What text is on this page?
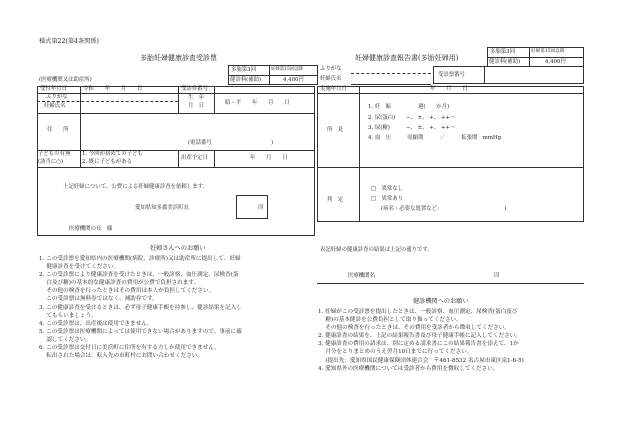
様式第22(第4条関係)
多胎妊婦健康診査受診票	妊婦健康診査報告書(多胎妊婦用)
多胎第3回	妊婦第15回以降
健診料(補助)	4,400円
多胎第3回	妊婦第15回以降
健診料(補助)	4,400円
(医療機関又は助産所)
ふりがな
妊婦氏名
受診票番号
受付年月日	令和　　年　　月　　日	受診券番号
ふりがな
妊婦氏名
生　年
月　日	昭・平　　年　　月　　日
住　　所
(電話番号　　　　　　　　　　　)
子どもの有無
(該当に○)
1. 今回が初めての子ども
2. 既に子どもがある
出産予定日	年　　月　　日
上記妊婦について、公費による妊婦健康診査を依頼します。
愛知県知多郡美浜町長	印
医療機関の長　様
実施年月日	年　　月　　日
所　見
1. 妊　娠　　　　　週(　　か月)
2. 尿(蛋白)　　−、 ±、 +、 ++〜
3. 尿(糖)　　　−、 ±、 +、 ++〜
4. 血　圧　　　収縮期　　　／　　　拡張期　mmHg
判　定
□　異常なし
□　異常あり
(病名・必要な処置など：　　　　　　　　　　　　)
表記妊婦の健康診査の結果は上記の通りです。
医療機関名	印
妊婦さんへのお願い
1. この受診票を愛知県内の医療機関(病院、診療所)又は助産所に提出して、妊婦
　 健康診査を受けてください。
2. この受診票により健康診査を受けたときは、一般診察、血圧測定、尿検査(蛋
　 白及び糖)の基本的な健康診査の費用が公費で負担されます。
　 その他の検査を行ったときはその費用は本人が負担してください。
　 この受診票は無料券ではなく、補助券です。
3. この健康診査を受けるときは、必ず母子健康手帳を持参し、健診結果を記入し
　 てもらいましょう。
4. この受診票は、出産後は使用できません。
5. この受診票は医療機関によっては使用できない場合がありますので、事前に確
　 認してください。
6. この受診票は交付日に美浜町に住所を有する方しか使用できません。
　 転出された場合は、転入先の市町村にお問い合わせください。
健診機関へのお願い
1. 妊婦がこの受診票を提出したときは、一般診察、血圧測定、尿検査(蛋白及び
　 糖)の基本健診を公費負担として取り扱ってください。
　 その他の検査を行ったときは、その費用を受診者から徴収してください。
2. 健康診査の結果を、上記の結果報告書及び母子健康手帳に記入してください。
3. 健康診査の費用の請求は、別に定める請求書にこの結果報告書を添えて、1か
　 月分をとりまとめのうえ翌月10日までに行ってください。
　 (提出先：愛知県国民健康保険団体連合会　〒461-8532 名古屋市東区泉1-6-5)
4. 愛知県外の医療機関については受診者から費用を徴収してください。
